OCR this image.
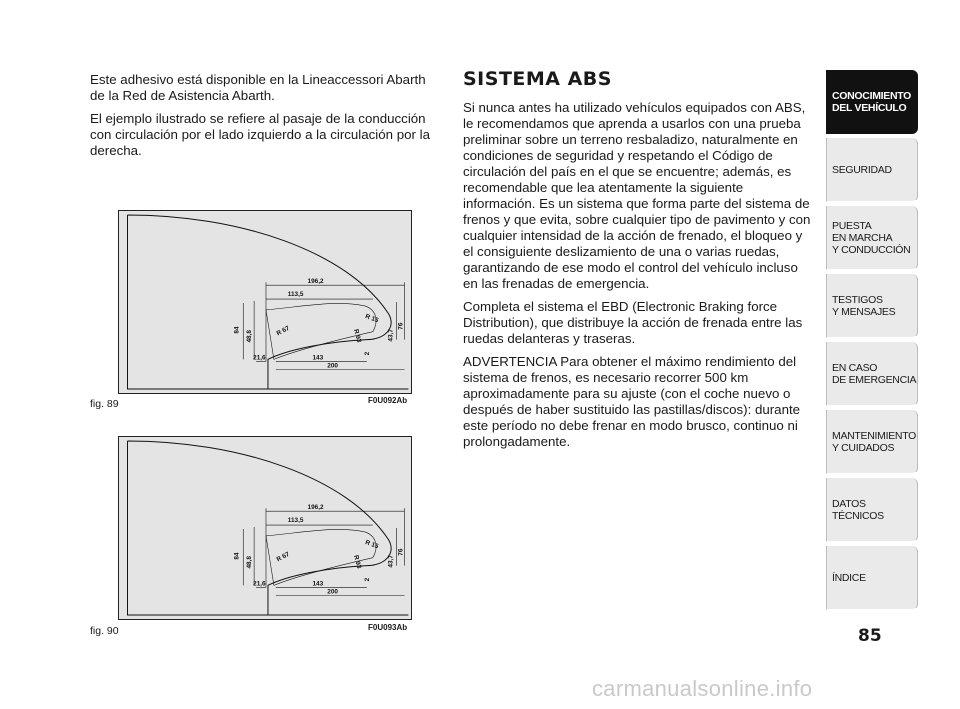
Este adhesivo está disponible en la Lineaccessori Abarth de la Red de Asistencia Abarth.

El ejemplo ilustrado se refiere al pasaje de la conducción con circulación por el lado izquierdo a la circulación por la derecha.

196,2
113,5
R 15
R 67	R 93
84
48,8
21,6	143
200
2
43,7
76
fig. 89	F0U092Ab
196,2
113,5
R 15
R 67	R 93
84
48,8
21,6	143
200
2
43,7
76
fig. 90	F0U093Ab
SISTEMA ABS

Si nunca antes ha utilizado vehículos equipados con ABS, le recomendamos que aprenda a usarlos con una prueba preliminar sobre un terreno resbaladizo, naturalmente en condiciones de seguridad y respetando el Código de circulación del país en el que se encuentre; además, es recomendable que lea atentamente la siguiente información. Es un sistema que forma parte del sistema de frenos y que evita, sobre cualquier tipo de pavimento y con cualquier intensidad de la acción de frenado, el bloqueo y el consiguiente deslizamiento de una o varias ruedas, garantizando de ese modo el control del vehículo incluso en las frenadas de emergencia.

Completa el sistema el EBD (Electronic Braking force Distribution), que distribuye la acción de frenada entre las ruedas delanteras y traseras.

ADVERTENCIA Para obtener el máximo rendimiento del sistema de frenos, es necesario recorrer 500 km aproximadamente para su ajuste (con el coche nuevo o después de haber sustituido las pastillas/discos): durante este período no debe frenar en modo brusco, continuo ni prolongadamente.

CONOCIMIENTO
DEL VEHÍCULO
SEGURIDAD
PUESTA
EN MARCHA
Y CONDUCCIÓN
TESTIGOS
Y MENSAJES
EN CASO
DE EMERGENCIA
MANTENIMIENTO
Y CUIDADOS
DATOS TÉCNICOS
ÍNDICE
85
carmanualsonline.info
